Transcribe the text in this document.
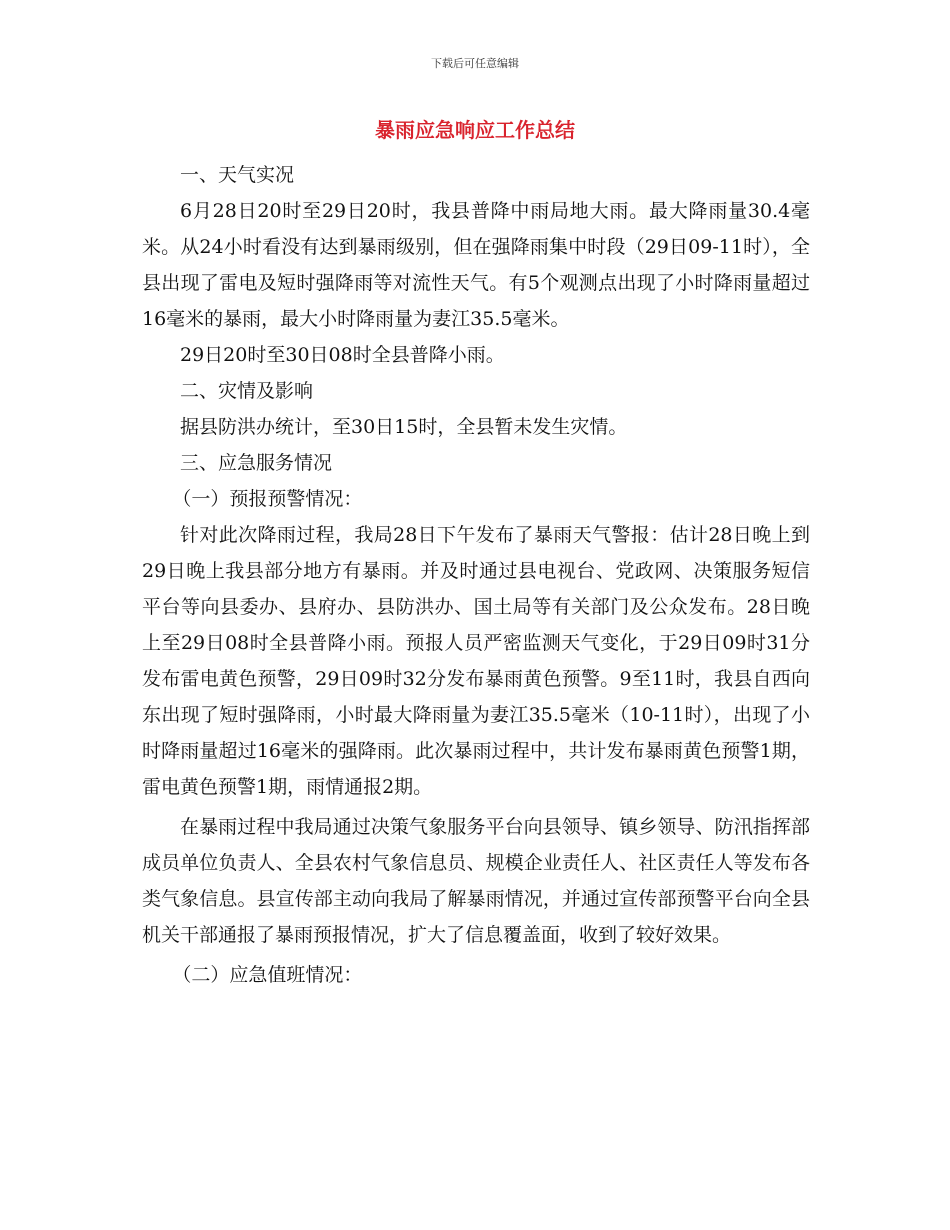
下载后可任意编辑
暴雨应急响应工作总结

一、天气实况

6月28日20时至29日20时，我县普降中雨局地大雨。最大降雨量30.4毫米。从24小时看没有达到暴雨级别，但在强降雨集中时段（29日09-11时），全县出现了雷电及短时强降雨等对流性天气。有5个观测点出现了小时降雨量超过16毫米的暴雨，最大小时降雨量为妻江35.5毫米。

29日20时至30日08时全县普降小雨。

二、灾情及影响

据县防洪办统计，至30日15时，全县暂未发生灾情。

三、应急服务情况

（一）预报预警情况：

针对此次降雨过程，我局28日下午发布了暴雨天气警报：估计28日晚上到29日晚上我县部分地方有暴雨。并及时通过县电视台、党政网、决策服务短信平台等向县委办、县府办、县防洪办、国土局等有关部门及公众发布。28日晚上至29日08时全县普降小雨。预报人员严密监测天气变化，于29日09时31分发布雷电黄色预警，29日09时32分发布暴雨黄色预警。9至11时，我县自西向东出现了短时强降雨，小时最大降雨量为妻江35.5毫米（10-11时），出现了小时降雨量超过16毫米的强降雨。此次暴雨过程中，共计发布暴雨黄色预警1期，雷电黄色预警1期，雨情通报2期。

在暴雨过程中我局通过决策气象服务平台向县领导、镇乡领导、防汛指挥部成员单位负责人、全县农村气象信息员、规模企业责任人、社区责任人等发布各类气象信息。县宣传部主动向我局了解暴雨情况，并通过宣传部预警平台向全县机关干部通报了暴雨预报情况，扩大了信息覆盖面，收到了较好效果。

（二）应急值班情况：
